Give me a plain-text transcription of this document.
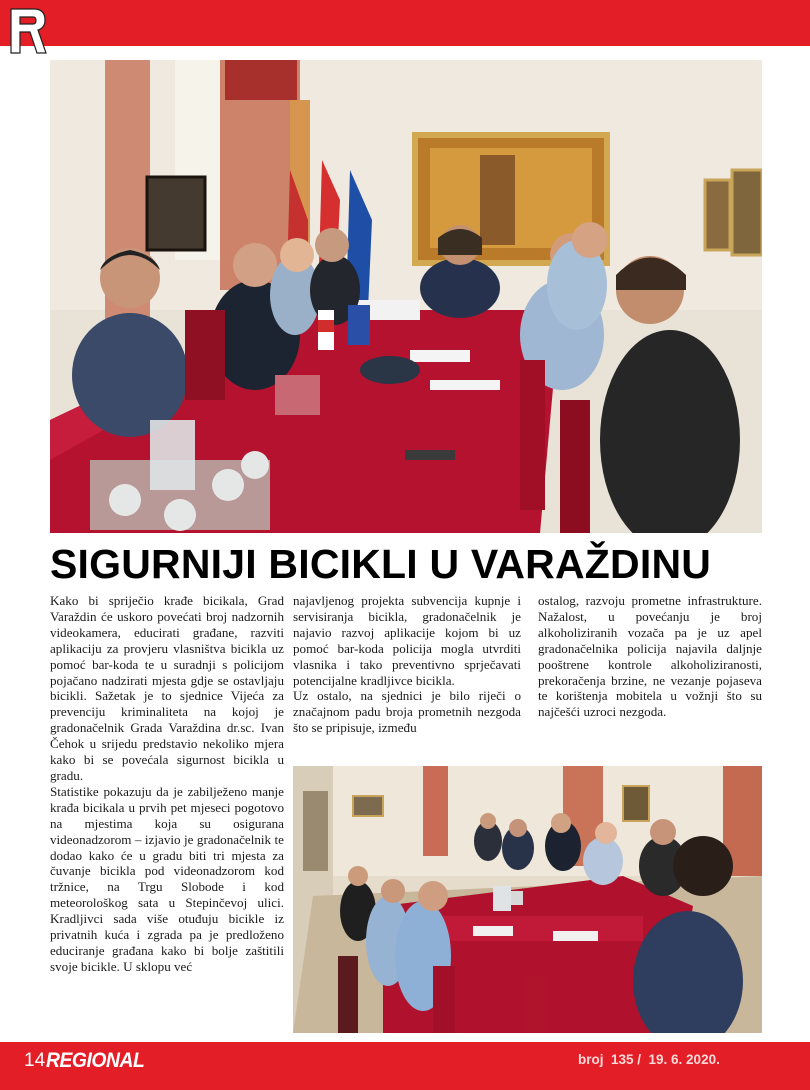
SIGURNIJI BICIKLI U VARAŽDINU

Kako bi spriječio krađe bicikala, Grad Varaždin će uskoro povećati broj nadzornih videokamera, educirati građane, razviti aplikaciju za provjeru vlasništva bicikla uz pomoć bar-koda te u suradnji s policijom pojačano nadzirati mjesta gdje se ostavljaju bicikli. Sažetak je to sjednice Vijeća za prevenciju kriminaliteta na kojoj je gradonačelnik Grada Varaždina dr.sc. Ivan Čehok u srijedu predstavio nekoliko mjera kako bi se povećala sigurnost bicikla u gradu.

Statistike pokazuju da je zabilježeno manje krađa bicikala u prvih pet mjeseci pogotovo na mjestima koja su osigurana videonadzorom – izjavio je gradonačelnik te dodao kako će u gradu biti tri mjesta za čuvanje bicikla pod videonadzorom kod tržnice, na Trgu Slobode i kod meteorološkog sata u Stepinčevoj ulici. Kradljivci sada više otuđuju bicikle iz privatnih kuća i zgrada pa je predloženo educiranje građana kako bi bolje zaštitili svoje bicikle. U sklopu već

najavljenog projekta subvencija kupnje i servisiranja bicikla, gradonačelnik je najavio razvoj aplikacije kojom bi uz pomoć bar-koda policija mogla utvrditi vlasnika i tako preventivno sprječavati potencijalne kradljivce bicikla.

Uz ostalo, na sjednici je bilo riječi o značajnom padu broja prometnih nezgoda što se pripisuje, između

ostalog, razvoju prometne infrastrukture. Nažalost, u povećanju je broj alkoholiziranih vozača pa je uz apel gradonačelnika policija najavila daljnje pooštrene kontrole alkoholiziranosti, prekoračenja brzine, ne vezanje pojaseva te korištenja mobitela u vožnji što su najčešći uzroci nezgoda.

14 REGIONAL	broj  135 /  19. 6. 2020.
